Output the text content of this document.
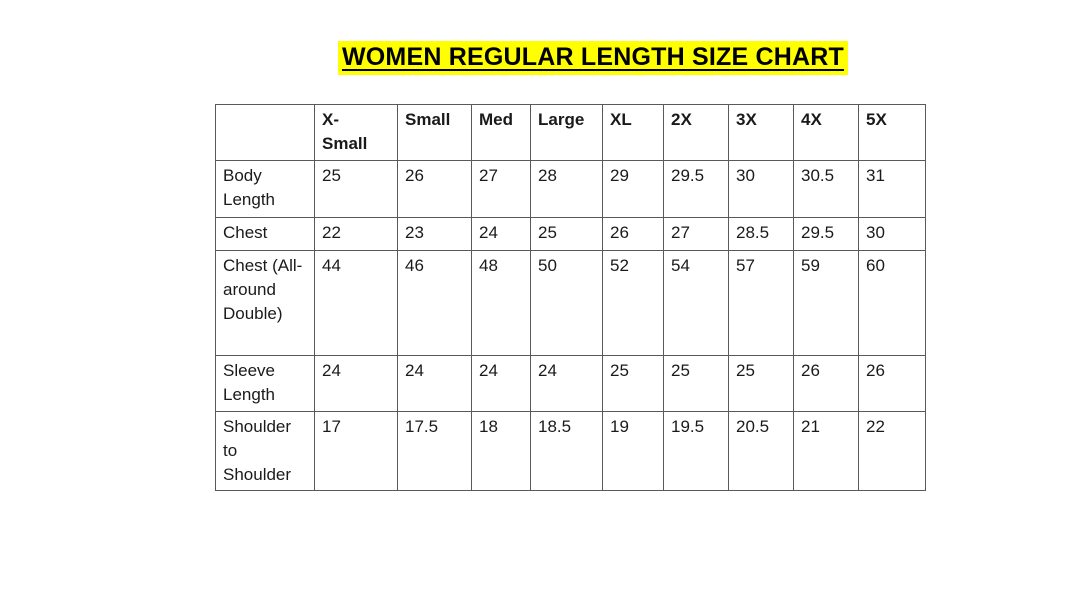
WOMEN REGULAR LENGTH SIZE CHART
	X-Small	Small	Med	Large	XL	2X	3X	4X	5X
Body Length	25	26	27	28	29	29.5	30	30.5	31
Chest	22	23	24	25	26	27	28.5	29.5	30
Chest (All-around Double)	44	46	48	50	52	54	57	59	60
Sleeve Length	24	24	24	24	25	25	25	26	26
Shoulder to Shoulder	17	17.5	18	18.5	19	19.5	20.5	21	22
